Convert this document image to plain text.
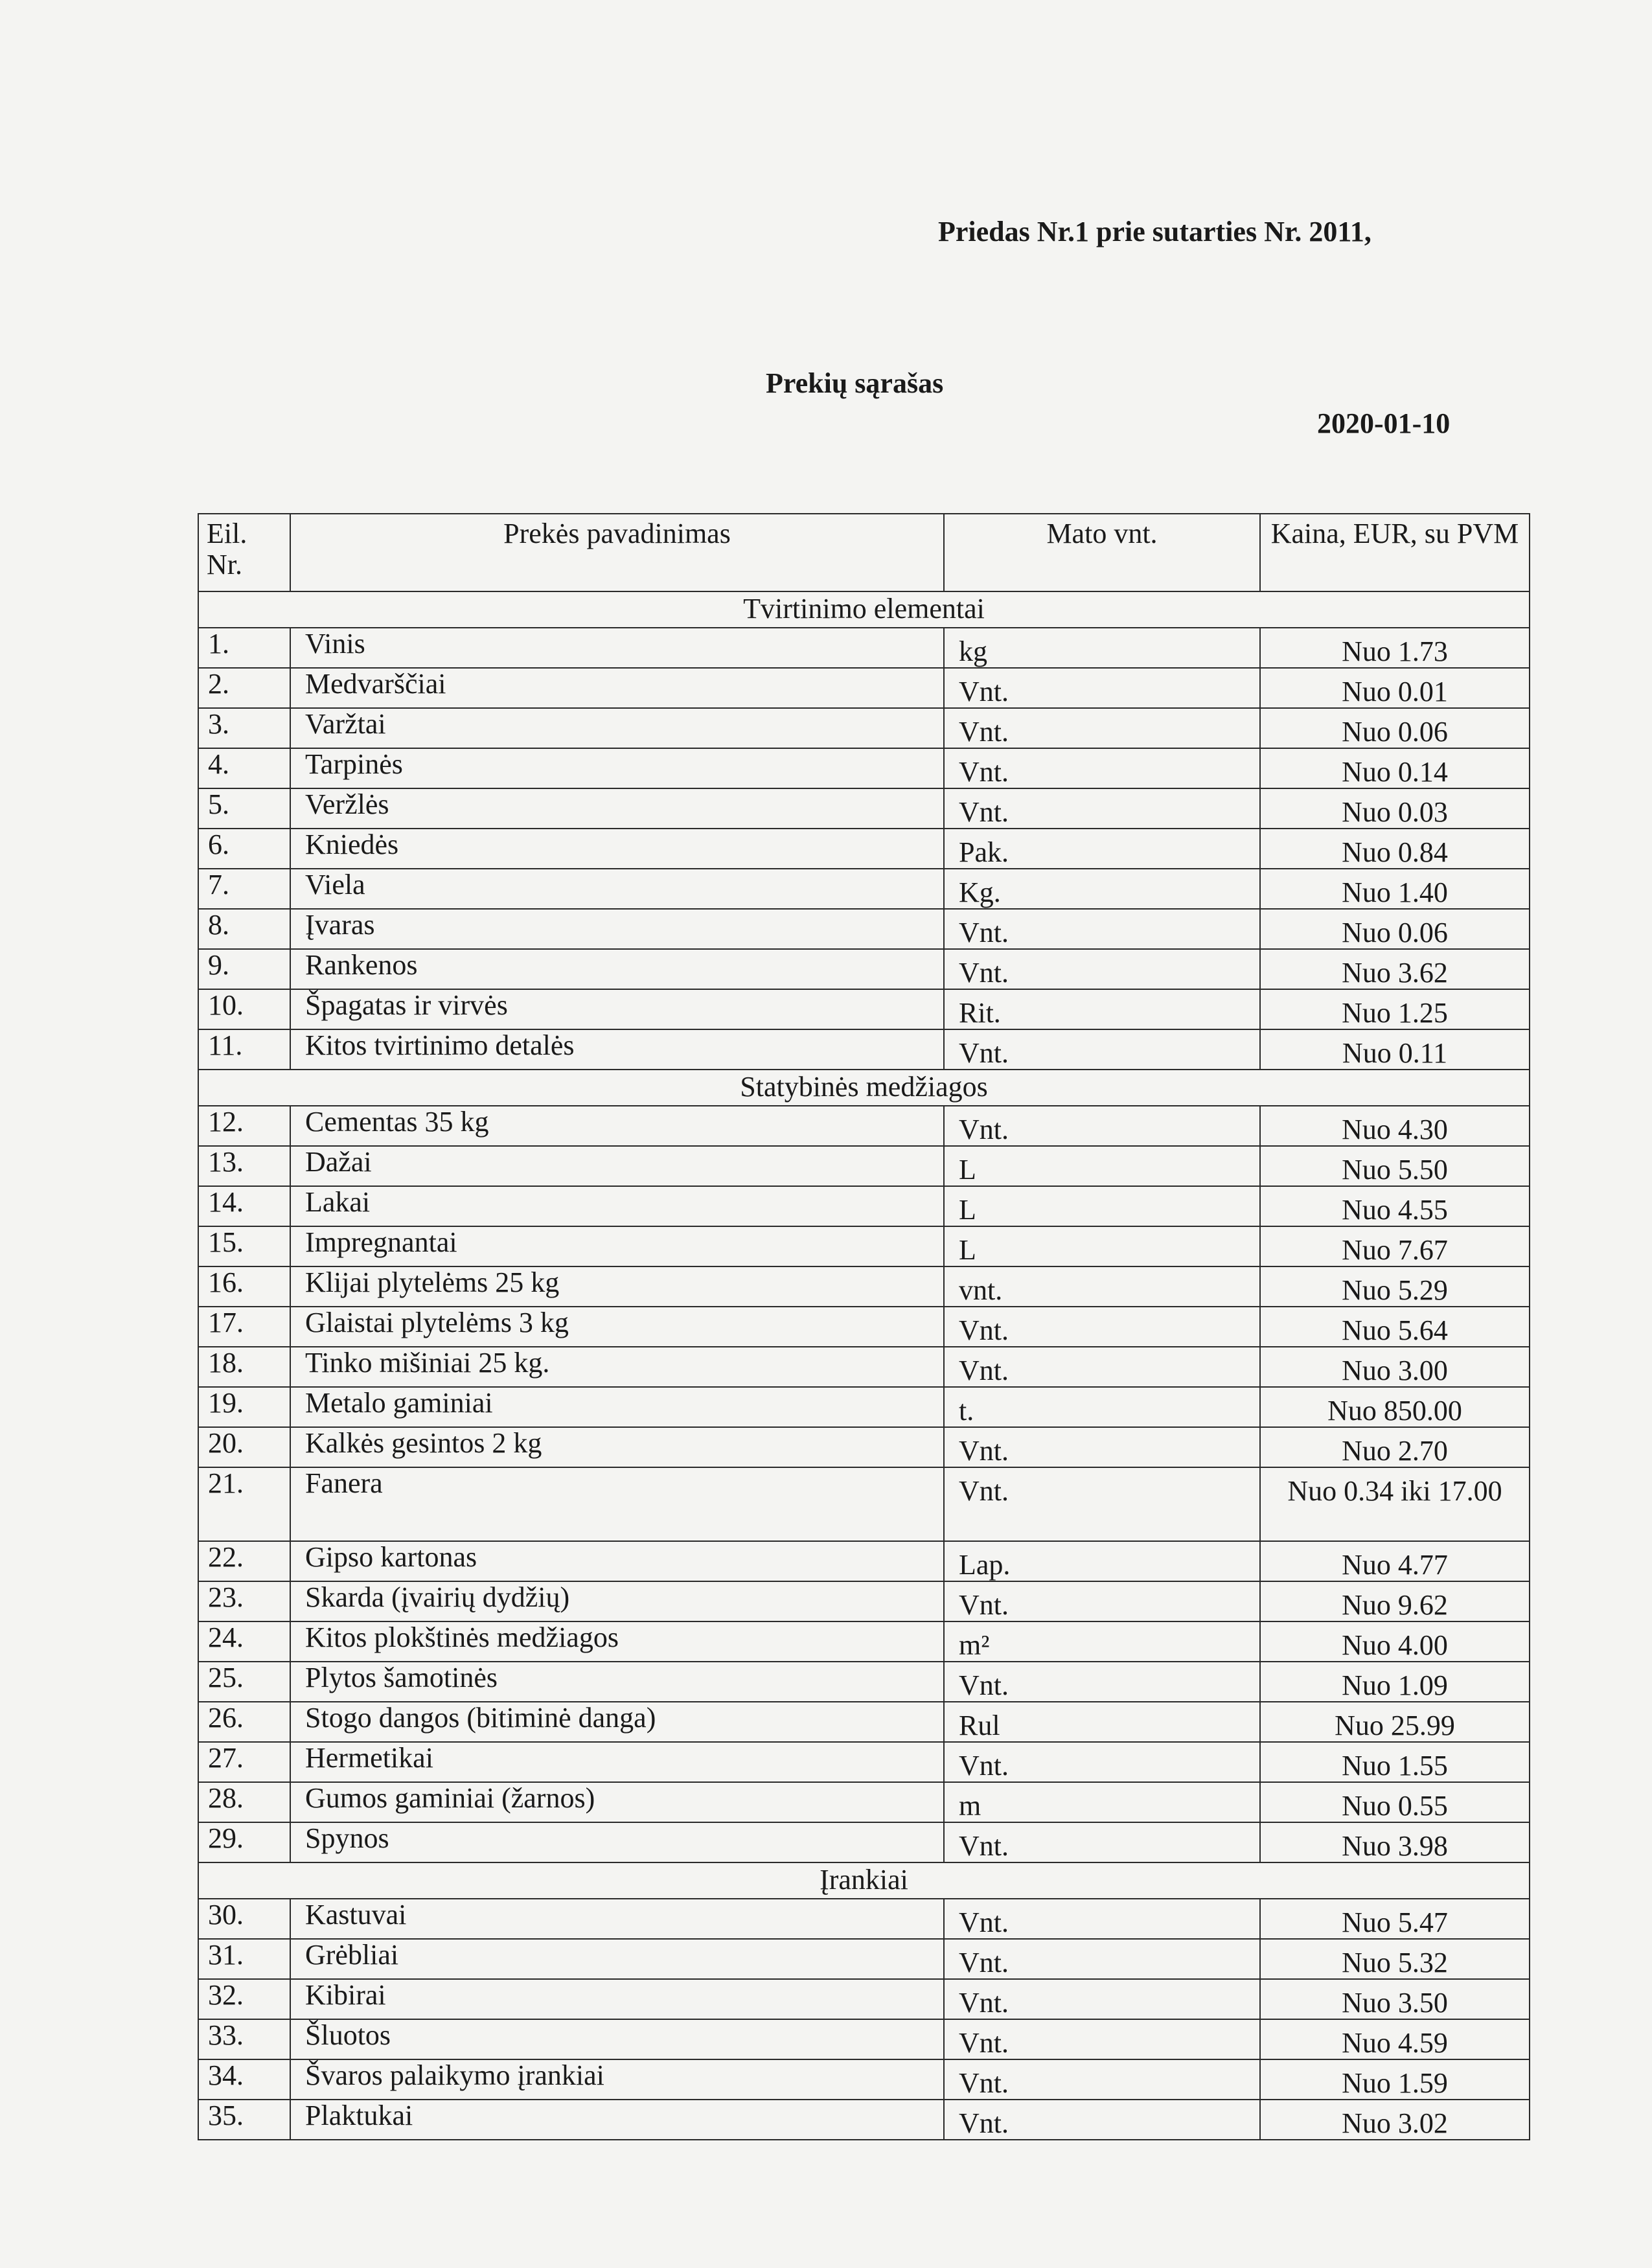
Priedas Nr.1 prie sutarties Nr. 2011,
Prekių sąrašas
2020-01-10
Eil. Nr.	Prekės pavadinimas	Mato vnt.	Kaina, EUR, su PVM
Tvirtinimo elementai			
1.	Vinis	kg	Nuo 1.73
2.	Medvarščiai	Vnt.	Nuo 0.01
3.	Varžtai	Vnt.	Nuo 0.06
4.	Tarpinės	Vnt.	Nuo 0.14
5.	Veržlės	Vnt.	Nuo 0.03
6.	Kniedės	Pak.	Nuo 0.84
7.	Viela	Kg.	Nuo 1.40
8.	Įvaras	Vnt.	Nuo 0.06
9.	Rankenos	Vnt.	Nuo 3.62
10.	Špagatas ir virvės	Rit.	Nuo 1.25
11.	Kitos tvirtinimo detalės	Vnt.	Nuo 0.11
Statybinės medžiagos			
12.	Cementas 35 kg	Vnt.	Nuo 4.30
13.	Dažai	L	Nuo 5.50
14.	Lakai	L	Nuo 4.55
15.	Impregnantai	L	Nuo 7.67
16.	Klijai plytelėms 25 kg	vnt.	Nuo 5.29
17.	Glaistai plytelėms 3 kg	Vnt.	Nuo 5.64
18.	Tinko mišiniai 25 kg.	Vnt.	Nuo 3.00
19.	Metalo gaminiai	t.	Nuo 850.00
20.	Kalkės gesintos 2 kg	Vnt.	Nuo 2.70
21.	Fanera	Vnt.	Nuo 0.34 iki 17.00
22.	Gipso kartonas	Lap.	Nuo 4.77
23.	Skarda (įvairių dydžių)	Vnt.	Nuo 9.62
24.	Kitos plokštinės medžiagos	m²	Nuo 4.00
25.	Plytos šamotinės	Vnt.	Nuo 1.09
26.	Stogo dangos (bitiminė danga)	Rul	Nuo 25.99
27.	Hermetikai	Vnt.	Nuo 1.55
28.	Gumos gaminiai (žarnos)	m	Nuo 0.55
29.	Spynos	Vnt.	Nuo 3.98
Įrankiai			
30.	Kastuvai	Vnt.	Nuo 5.47
31.	Grėbliai	Vnt.	Nuo 5.32
32.	Kibirai	Vnt.	Nuo 3.50
33.	Šluotos	Vnt.	Nuo 4.59
34.	Švaros palaikymo įrankiai	Vnt.	Nuo 1.59
35.	Plaktukai	Vnt.	Nuo 3.02
